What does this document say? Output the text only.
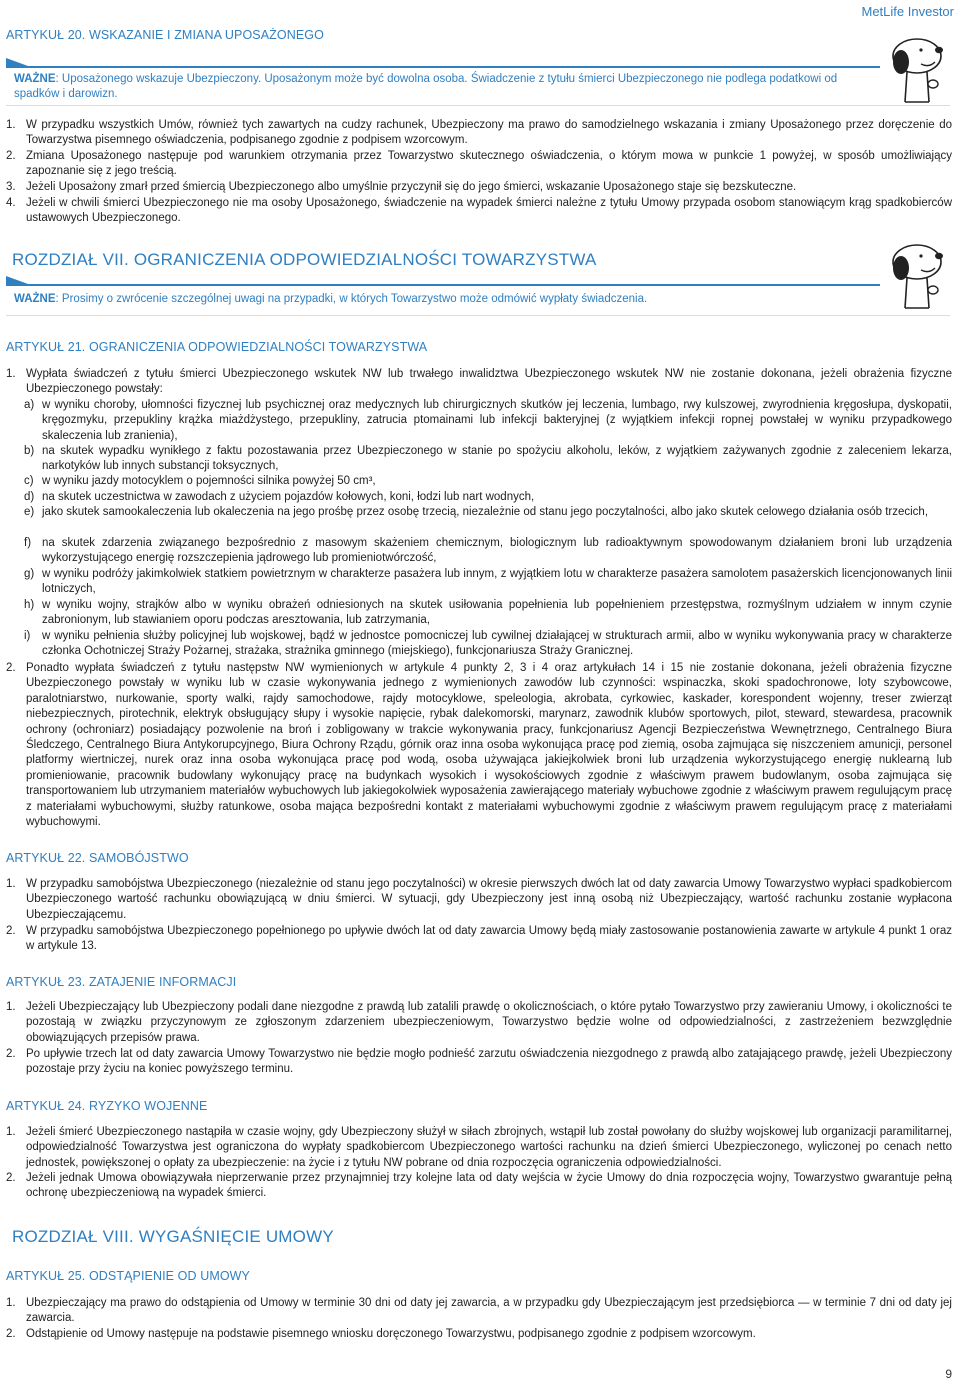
ARTYKUŁ 20. WSKAZANIE I ZMIANA UPOSAŻONEGO
MetLife Investor

WAŻNE: Uposażonego wskazuje Ubezpieczony. Uposażonym może być dowolna osoba. Świadczenie z tytułu śmierci Ubezpieczonego nie podlega podatkowi od spadków i darowizn.

1. W przypadku wszystkich Umów, również tych zawartych na cudzy rachunek, Ubezpieczony ma prawo do samodzielnego wskazania i zmiany Uposażonego przez doręczenie do Towarzystwa pisemnego oświadczenia, podpisanego zgodnie z podpisem wzorcowym.
2. Zmiana Uposażonego następuje pod warunkiem otrzymania przez Towarzystwo skutecznego oświadczenia, o którym mowa w punkcie 1 powyżej, w sposób umożliwiający zapoznanie się z jego treścią.
3. Jeżeli Uposażony zmarł przed śmiercią Ubezpieczonego albo umyślnie przyczynił się do jego śmierci, wskazanie Uposażonego staje się bezskuteczne.
4. Jeżeli w chwili śmierci Ubezpieczonego nie ma osoby Uposażonego, świadczenie na wypadek śmierci należne z tytułu Umowy przypada osobom stanowiącym krąg spadkobierców ustawowych Ubezpieczonego.
ROZDZIAŁ VII. OGRANICZENIA ODPOWIEDZIALNOŚCI TOWARZYSTWA

WAŻNE: Prosimy o zwrócenie szczególnej uwagi na przypadki, w których Towarzystwo może odmówić wypłaty świadczenia.

ARTYKUŁ 21. OGRANICZENIA ODPOWIEDZIALNOŚCI TOWARZYSTWA
1. Wypłata świadczeń z tytułu śmierci Ubezpieczonego wskutek NW lub trwałego inwalidztwa Ubezpieczonego wskutek NW nie zostanie dokonana, jeżeli obrażenia fizyczne Ubezpieczonego powstały:
a) w wyniku choroby, ułomności fizycznej lub psychicznej oraz medycznych lub chirurgicznych skutków jej leczenia, lumbago, rwy kulszowej, zwyrodnienia kręgosłupa, dyskopatii, kręgozmyku, przepukliny krążka miażdżystego, przepukliny, zatrucia ptomainami lub infekcji bakteryjnej (z wyjątkiem infekcji ropnej powstałej w wyniku przypadkowego skaleczenia lub zranienia),
b) na skutek wypadku wynikłego z faktu pozostawania przez Ubezpieczonego w stanie po spożyciu alkoholu, leków, z wyjątkiem zażywanych zgodnie z zaleceniem lekarza, narkotyków lub innych substancji toksycznych,
c) w wyniku jazdy motocyklem o pojemności silnika powyżej 50 cm³,
d) na skutek uczestnictwa w zawodach z użyciem pojazdów kołowych, koni, łodzi lub nart wodnych,
e) jako skutek samookaleczenia lub okaleczenia na jego prośbę przez osobę trzecią, niezależnie od stanu jego poczytalności, albo jako skutek celowego działania osób trzecich,
f) na skutek zdarzenia związanego bezpośrednio z masowym skażeniem chemicznym, biologicznym lub radioaktywnym spowodowanym działaniem broni lub urządzenia wykorzystującego energię rozszczepienia jądrowego lub promieniotwórczość,
g) w wyniku podróży jakimkolwiek statkiem powietrznym w charakterze pasażera lub innym, z wyjątkiem lotu w charakterze pasażera samolotem pasażerskich licencjonowanych linii lotniczych,
h) w wyniku wojny, strajków albo w wyniku obrażeń odniesionych na skutek usiłowania popełnienia lub popełnieniem przestępstwa, rozmyślnym udziałem w innym czynie zabronionym, lub stawianiem oporu podczas aresztowania, lub zatrzymania,
i) w wyniku pełnienia służby policyjnej lub wojskowej, bądź w jednostce pomocniczej lub cywilnej działającej w strukturach armii, albo w wyniku wykonywania pracy w charakterze członka Ochotniczej Straży Pożarnej, strażaka, strażnika gminnego (miejskiego), funkcjonariusza Straży Granicznej.
2. Ponadto wypłata świadczeń z tytułu następstw NW wymienionych w artykule 4 punkty 2, 3 i 4 oraz artykułach 14 i 15 nie zostanie dokonana, jeżeli obrażenia fizyczne Ubezpieczonego powstały w wyniku lub w czasie wykonywania jednego z wymienionych zawodów lub czynności: wspinaczka, skoki spadochronowe, loty szybowcowe, paralotniarstwo, nurkowanie, sporty walki, rajdy samochodowe, rajdy motocyklowe, speleologia, akrobata, cyrkowiec, kaskader, korespondent wojenny, treser zwierząt niebezpiecznych, pirotechnik, elektryk obsługujący słupy i wysokie napięcie, rybak dalekomorski, marynarz, zawodnik klubów sportowych, pilot, steward, stewardesa, pracownik ochrony (ochroniarz) posiadający pozwolenie na broń i zobligowany w trakcie wykonywania pracy, funkcjonariusz Agencji Bezpieczeństwa Wewnętrznego, Centralnego Biura Śledczego, Centralnego Biura Antykorupcyjnego, Biura Ochrony Rządu, górnik oraz inna osoba wykonująca pracę pod ziemią, osoba zajmująca się niszczeniem amunicji, personel platformy wiertniczej, nurek oraz inna osoba wykonująca pracę pod wodą, osoba używająca jakiejkolwiek broni lub urządzenia wykorzystującego energię nuklearną lub promieniowanie, pracownik budowlany wykonujący pracę na budynkach wysokich i wysokościowych zgodnie z właściwym prawem budowlanym, osoba zajmująca się transportowaniem lub utrzymaniem materiałów wybuchowych lub jakiegokolwiek wyposażenia zawierającego materiały wybuchowe zgodnie z właściwym prawem regulującym pracę z materiałami wybuchowymi, służby ratunkowe, osoba mająca bezpośredni kontakt z materiałami wybuchowymi zgodnie z właściwym prawem regulującym pracę z materiałami wybuchowymi.
ARTYKUŁ 22. SAMOBÓJSTWO
1. W przypadku samobójstwa Ubezpieczonego (niezależnie od stanu jego poczytalności) w okresie pierwszych dwóch lat od daty zawarcia Umowy Towarzystwo wypłaci spadkobiercom Ubezpieczonego wartość rachunku obowiązującą w dniu śmierci. W sytuacji, gdy Ubezpieczony jest inną osobą niż Ubezpieczający, wartość rachunku zostanie wypłacona Ubezpieczającemu.
2. W przypadku samobójstwa Ubezpieczonego popełnionego po upływie dwóch lat od daty zawarcia Umowy będą miały zastosowanie postanowienia zawarte w artykule 4 punkt 1 oraz w artykule 13.
ARTYKUŁ 23. ZATAJENIE INFORMACJI
1. Jeżeli Ubezpieczający lub Ubezpieczony podali dane niezgodne z prawdą lub zatalili prawdę o okolicznościach, o które pytało Towarzystwo przy zawieraniu Umowy, i okoliczności te pozostają w związku przyczynowym ze zgłoszonym zdarzeniem ubezpieczeniowym, Towarzystwo będzie wolne od odpowiedzialności, z zastrzeżeniem bezwzględnie obowiązujących przepisów prawa.
2. Po upływie trzech lat od daty zawarcia Umowy Towarzystwo nie będzie mogło podnieść zarzutu oświadczenia niezgodnego z prawdą albo zatajającego prawdę, jeżeli Ubezpieczony pozostaje przy życiu na koniec powyższego terminu.
ARTYKUŁ 24. RYZYKO WOJENNE
1. Jeżeli śmierć Ubezpieczonego nastąpiła w czasie wojny, gdy Ubezpieczony służył w siłach zbrojnych, wstąpił lub został powołany do służby wojskowej lub organizacji paramilitarnej, odpowiedzialność Towarzystwa jest ograniczona do wypłaty spadkobiercom Ubezpieczonego wartości rachunku na dzień śmierci Ubezpieczonego, wyliczonej po cenach netto jednostek, powiększonej o opłaty za ubezpieczenie: na życie i z tytułu NW pobrane od dnia rozpoczęcia ograniczenia odpowiedzialności.
2. Jeżeli jednak Umowa obowiązywała nieprzerwanie przez przynajmniej trzy kolejne lata od daty wejścia w życie Umowy do dnia rozpoczęcia wojny, Towarzystwo gwarantuje pełną ochronę ubezpieczeniową na wypadek śmierci.
ROZDZIAŁ VIII. WYGAŚNIĘCIE UMOWY
ARTYKUŁ 25. ODSTĄPIENIE OD UMOWY
1. Ubezpieczający ma prawo do odstąpienia od Umowy w terminie 30 dni od daty jej zawarcia, a w przypadku gdy Ubezpieczającym jest przedsiębiorca — w terminie 7 dni od daty jej zawarcia.
2. Odstąpienie od Umowy następuje na podstawie pisemnego wniosku doręczonego Towarzystwu, podpisanego zgodnie z podpisem wzorcowym.
9
